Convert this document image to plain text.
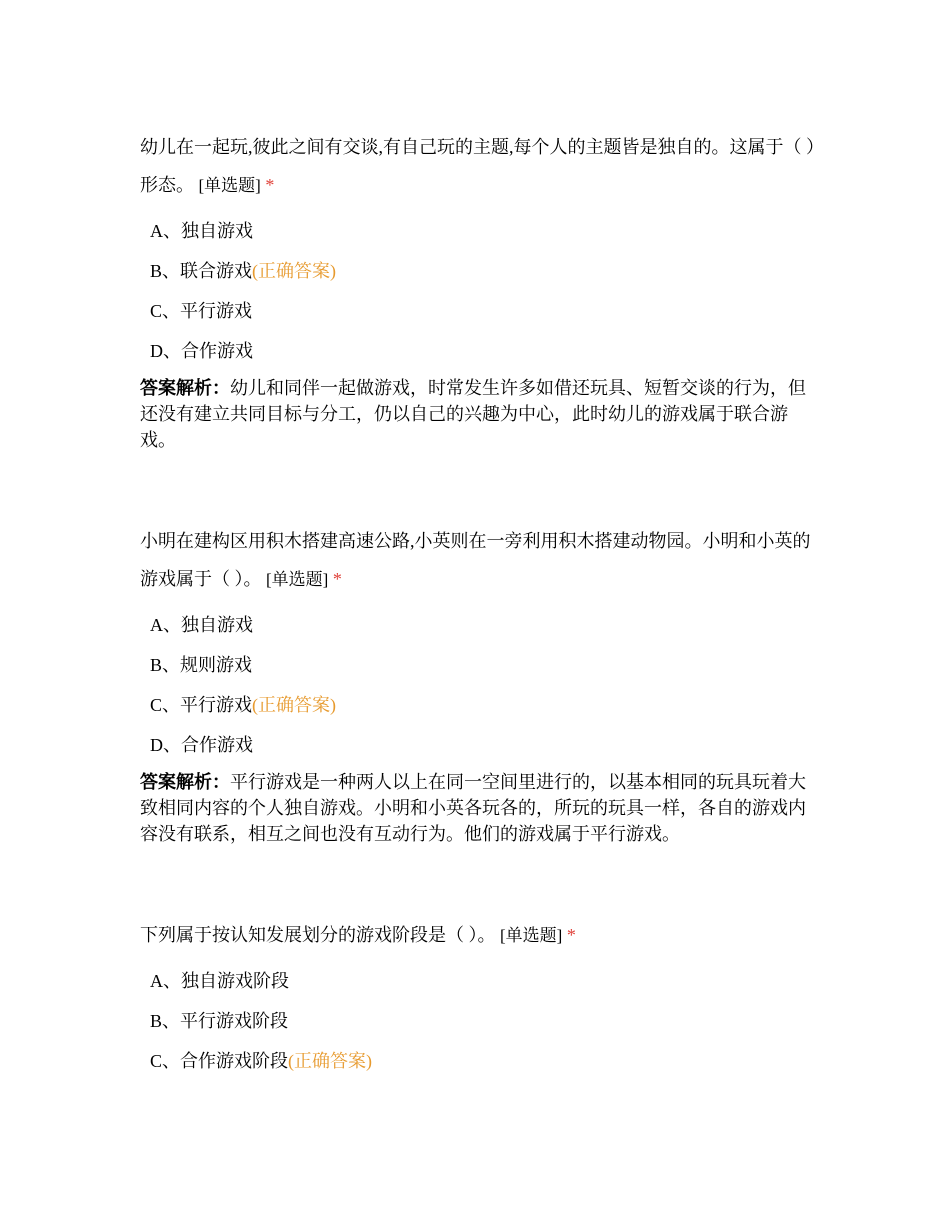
幼儿在一起玩,彼此之间有交谈,有自己玩的主题,每个人的主题皆是独自的。这属于（ ）形态。 [单选题] *

A、独自游戏
B、联合游戏(正确答案)
C、平行游戏
D、合作游戏
答案解析：幼儿和同伴一起做游戏，时常发生许多如借还玩具、短暂交谈的行为，但还没有建立共同目标与分工，仍以自己的兴趣为中心，此时幼儿的游戏属于联合游戏。

小明在建构区用积木搭建高速公路,小英则在一旁利用积木搭建动物园。小明和小英的游戏属于（ ）。 [单选题] *

A、独自游戏
B、规则游戏
C、平行游戏(正确答案)
D、合作游戏
答案解析：平行游戏是一种两人以上在同一空间里进行的，以基本相同的玩具玩着大致相同内容的个人独自游戏。小明和小英各玩各的，所玩的玩具一样，各自的游戏内容没有联系，相互之间也没有互动行为。他们的游戏属于平行游戏。

下列属于按认知发展划分的游戏阶段是（ ）。 [单选题] *

A、独自游戏阶段
B、平行游戏阶段
C、合作游戏阶段(正确答案)
